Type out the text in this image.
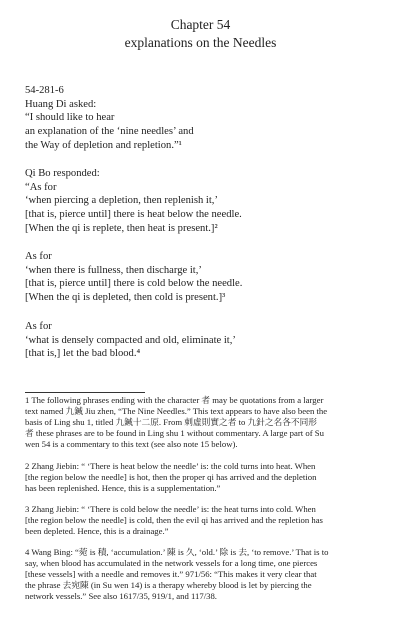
Chapter 54
explanations on the Needles
54-281-6
Huang Di asked:
“I should like to hear
an explanation of the ‘nine needles’ and
the Way of depletion and repletion.”¹
Qi Bo responded:
“As for
‘when piercing a depletion, then replenish it,’
[that is, pierce until] there is heat below the needle.
[When the qi is replete, then heat is present.]²
As for
‘when there is fullness, then discharge it,’
[that is, pierce until] there is cold below the needle.
[When the qi is depleted, then cold is present.]³
As for
‘what is densely compacted and old, eliminate it,’
[that is,] let the bad blood.⁴
1 The following phrases ending with the character 者 may be quotations from a larger
text named 九鍼 Jiu zhen, “The Nine Needles.” This text appears to have also been the
basis of Ling shu 1, titled 九鍼十二原. From 刺虛則實之者 to 九針之名各不同形
者 these phrases are to be found in Ling shu 1 without commentary. A large part of Su
wen 54 is a commentary to this text (see also note 15 below).
2 Zhang Jiebin: “ ‘There is heat below the needle’ is: the cold turns into heat. When
[the region below the needle] is hot, then the proper qi has arrived and the depletion
has been replenished. Hence, this is a supplementation.”
3 Zhang Jiebin: “ ‘There is cold below the needle’ is: the heat turns into cold. When
[the region below the needle] is cold, then the evil qi has arrived and the repletion has
been depleted. Hence, this is a drainage.”
4 Wang Bing: “菀 is 積, ‘accumulation.’ 陳 is 久, ‘old.’ 除 is 去, ‘to remove.’ That is to
say, when blood has accumulated in the network vessels for a long time, one pierces
[these vessels] with a needle and removes it.” 971/56: “This makes it very clear that
the phrase 去宛陳 (in Su wen 14) is a therapy whereby blood is let by piercing the
network vessels.” See also 1617/35, 919/1, and 117/38.
